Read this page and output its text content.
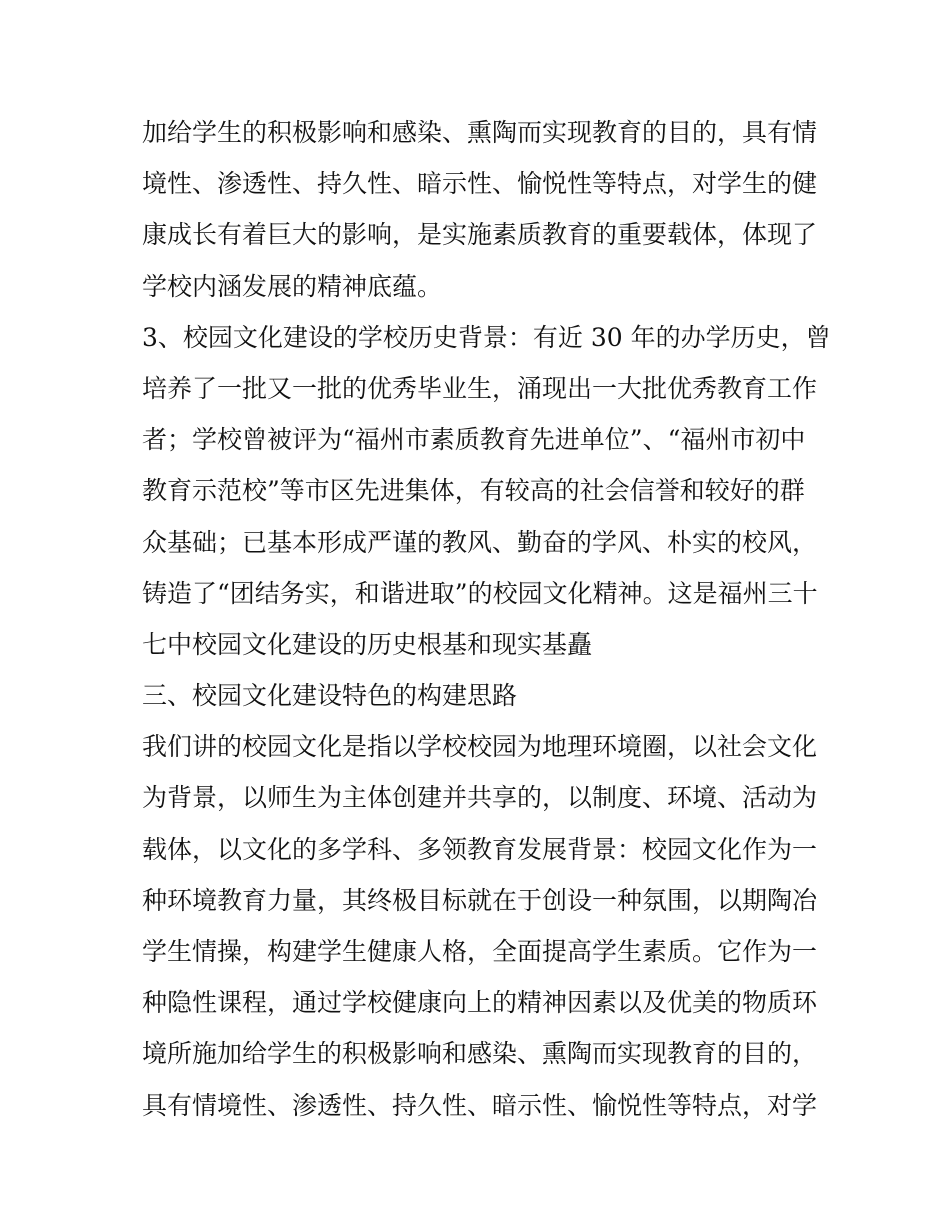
加给学生的积极影响和感染、熏陶而实现教育的目的，具有情
境性、渗透性、持久性、暗示性、愉悦性等特点，对学生的健
康成长有着巨大的影响，是实施素质教育的重要载体，体现了
学校内涵发展的精神底蕴。
3、校园文化建设的学校历史背景：有近 30 年的办学历史，曾
培养了一批又一批的优秀毕业生，涌现出一大批优秀教育工作
者；学校曾被评为“福州市素质教育先进单位”、“福州市初中
教育示范校”等市区先进集体，有较高的社会信誉和较好的群
众基础；已基本形成严谨的教风、勤奋的学风、朴实的校风，
铸造了“团结务实，和谐进取”的校园文化精神。这是福州三十
七中校园文化建设的历史根基和现实基矗
三、校园文化建设特色的构建思路
我们讲的校园文化是指以学校校园为地理环境圈，以社会文化
为背景，以师生为主体创建并共享的，以制度、环境、活动为
载体，以文化的多学科、多领教育发展背景：校园文化作为一
种环境教育力量，其终极目标就在于创设一种氛围，以期陶冶
学生情操，构建学生健康人格，全面提高学生素质。它作为一
种隐性课程，通过学校健康向上的精神因素以及优美的物质环
境所施加给学生的积极影响和感染、熏陶而实现教育的目的，
具有情境性、渗透性、持久性、暗示性、愉悦性等特点，对学
